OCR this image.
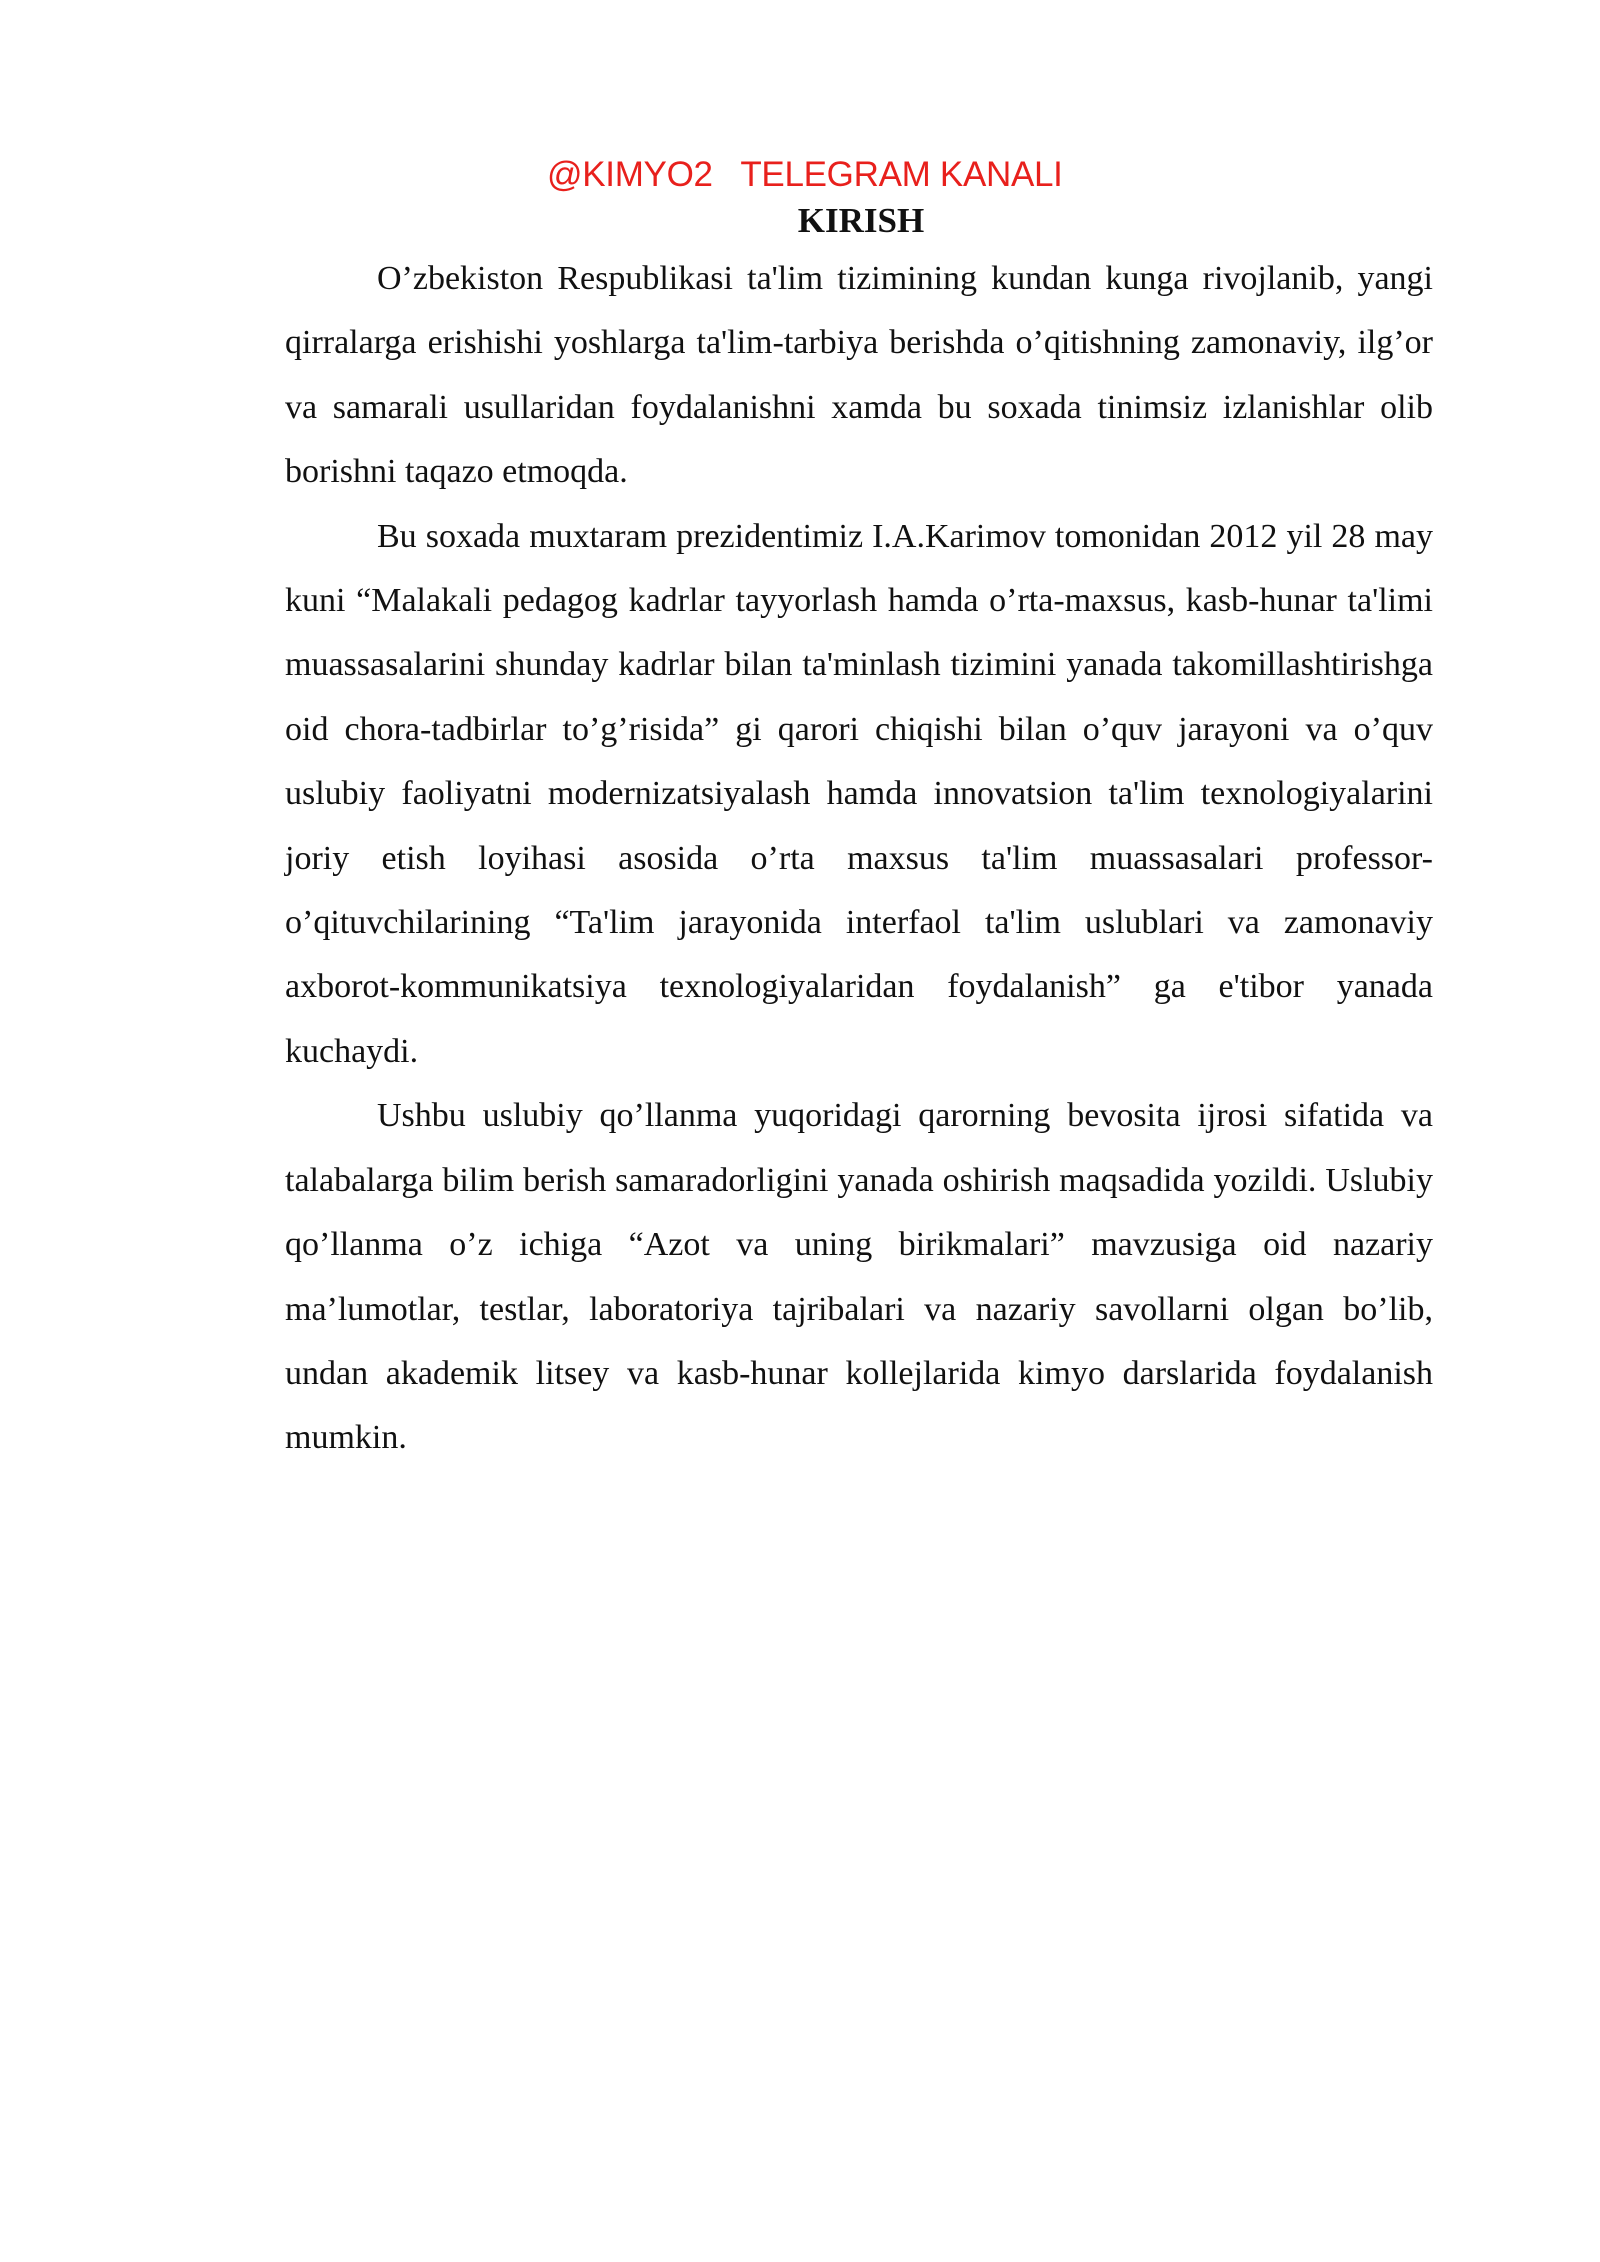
@KIMYO2 TELEGRAM KANALI
KIRISH

O’zbekiston Respublikasi ta'lim tizimining kundan kunga rivojlanib, yangi qirralarga erishishi yoshlarga ta'lim-tarbiya berishda o’qitishning zamonaviy, ilg’or va samarali usullaridan foydalanishni xamda bu soxada tinimsiz izlanishlar olib borishni taqazo etmoqda.

Bu soxada muxtaram prezidentimiz I.A.Karimov tomonidan 2012 yil 28 may kuni “Malakali pedagog kadrlar tayyorlash hamda o’rta-maxsus, kasb-hunar ta'limi muassasalarini shunday kadrlar bilan ta'minlash tizimini yanada takomillashtirishga oid chora-tadbirlar to’g’risida” gi qarori chiqishi bilan o’quv jarayoni va o’quv uslubiy faoliyatni modernizatsiyalash hamda innovatsion ta'lim texnologiyalarini joriy etish loyihasi asosida o’rta maxsus ta'lim muassasalari professor-o’qituvchilarining “Ta'lim jarayonida interfaol ta'lim uslublari va zamonaviy axborot-kommunikatsiya texnologiyalaridan foydalanish” ga e'tibor yanada kuchaydi.

Ushbu uslubiy qo’llanma yuqoridagi qarorning bevosita ijrosi sifatida va talabalarga bilim berish samaradorligini yanada oshirish maqsadida yozildi. Uslubiy qo’llanma o’z ichiga “Azot va uning birikmalari” mavzusiga oid nazariy ma’lumotlar, testlar, laboratoriya tajribalari va nazariy savollarni olgan bo’lib, undan akademik litsey va kasb-hunar kollejlarida kimyo darslarida foydalanish mumkin.
